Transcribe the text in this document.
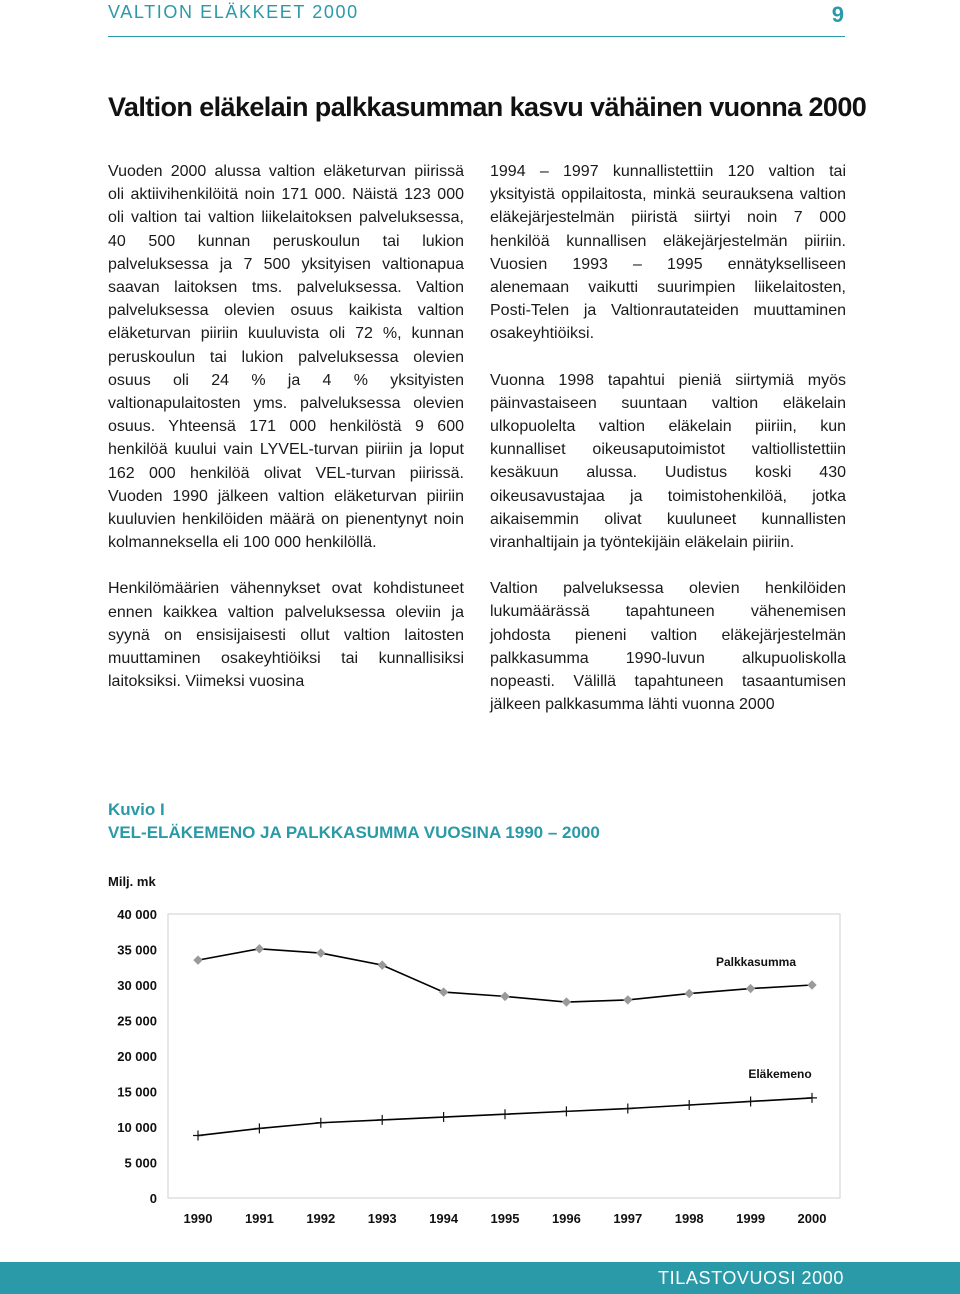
VALTION ELÄKKEET 2000	9
Valtion eläkelain palkkasumman kasvu vähäinen vuonna 2000

Vuoden 2000 alussa valtion eläketurvan piirissä oli aktiivihenkilöitä noin 171 000. Näistä 123 000 oli valtion tai valtion liikelaitoksen palveluksessa, 40 500 kunnan peruskoulun tai lukion palveluksessa ja 7 500 yksityisen valtionapua saavan laitoksen tms. palveluksessa. Valtion palveluksessa olevien osuus kaikista valtion eläketurvan piiriin kuuluvista oli 72 %, kunnan peruskoulun tai lukion palveluksessa olevien osuus oli 24 % ja 4 % yksityisten valtionapulaitosten yms. palveluksessa olevien osuus. Yhteensä 171 000 henkilöstä 9 600 henkilöä kuului vain LYVEL-turvan piiriin ja loput 162 000 henkilöä olivat VEL-turvan piirissä. Vuoden 1990 jälkeen valtion eläketurvan piiriin kuuluvien henkilöiden määrä on pienentynyt noin kolmanneksella eli 100 000 henkilöllä.

Henkilömäärien vähennykset ovat kohdistuneet ennen kaikkea valtion palveluksessa oleviin ja syynä on ensisijaisesti ollut valtion laitosten muuttaminen osakeyhtiöiksi tai kunnallisiksi laitoksiksi. Viimeksi vuosina

1994 – 1997 kunnallistettiin 120 valtion tai yksityistä oppilaitosta, minkä seurauksena valtion eläkejärjestelmän piiristä siirtyi noin 7 000 henkilöä kunnallisen eläkejärjestelmän piiriin. Vuosien 1993 – 1995 ennätykselliseen alenemaan vaikutti suurimpien liikelaitosten, Posti-Telen ja Valtionrautateiden muuttaminen osakeyhtiöiksi.

Vuonna 1998 tapahtui pieniä siirtymiä myös päinvastaiseen suuntaan valtion eläkelain ulkopuolelta valtion eläkelain piiriin, kun kunnalliset oikeusaputoimistot valtiollistettiin kesäkuun alussa. Uudistus koski 430 oikeusavustajaa ja toimistohenkilöä, jotka aikaisemmin olivat kuuluneet kunnallisten viranhaltijain ja työntekijäin eläkelain piiriin.

Valtion palveluksessa olevien henkilöiden lukumäärässä tapahtuneen vähenemisen johdosta pieneni valtion eläkejärjestelmän palkkasumma 1990-luvun alkupuoliskolla nopeasti. Välillä tapahtuneen tasaantumisen jälkeen palkkasumma lähti vuonna 2000

Kuvio I
VEL-ELÄKEMENO JA PALKKASUMMA VUOSINA 1990 – 2000
Milj. mk
0
5 000
10 000
15 000
20 000
25 000
30 000
35 000
40 000
1990 1991 1992 1993 1994 1995 1996 1997 1998 1999 2000
Palkkasumma
Eläkemeno
TILASTOVUOSI 2000
